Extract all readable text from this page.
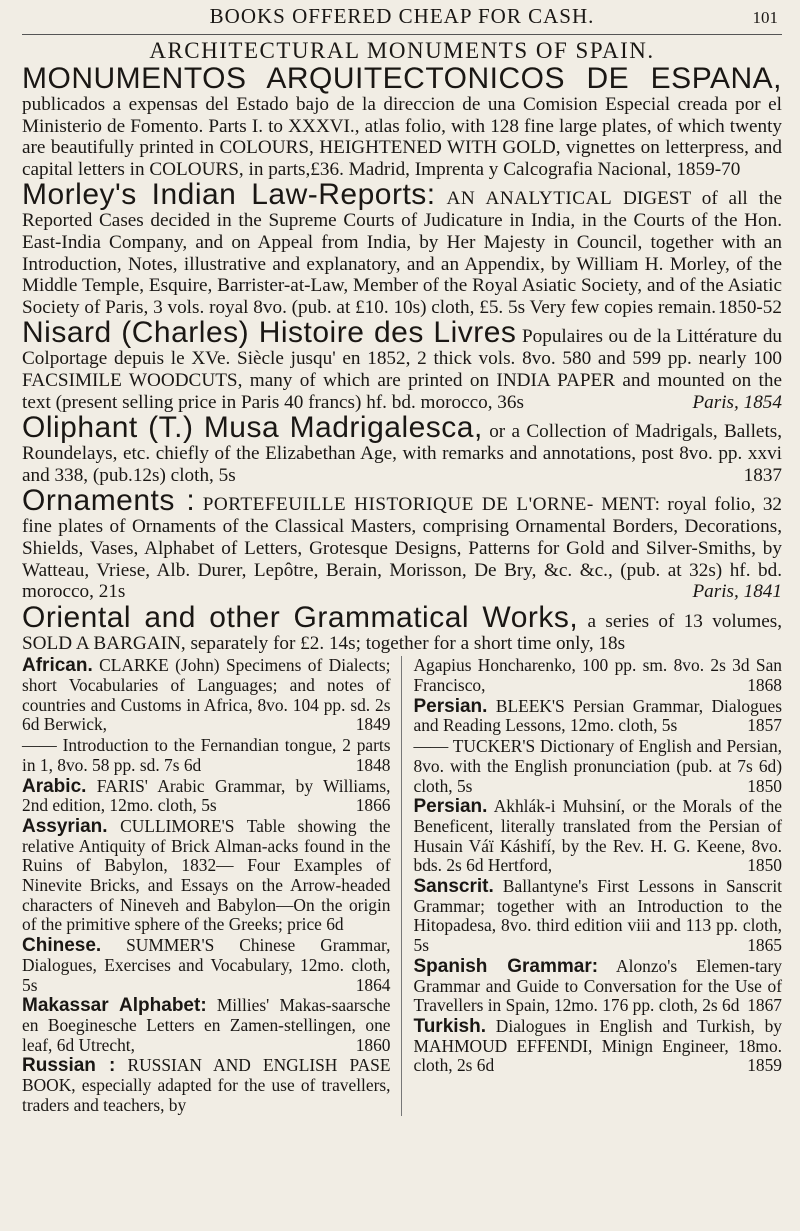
BOOKS OFFERED CHEAP FOR CASH.	101
ARCHITECTURAL MONUMENTS OF SPAIN.

MONUMENTOS ARQUITECTONICOS DE ESPANA, publicados a expensas del Estado bajo de la direccion de una Comision Especial creada por el Ministerio de Fomento. Parts I. to XXXVI., atlas folio, with 128 fine large plates, of which twenty are beautifully printed in COLOURS, HEIGHTENED WITH GOLD, vignettes on letterpress, and capital letters in COLOURS, in parts,£36. Madrid, Imprenta y Calcografia Nacional, 1859-70

Morley's Indian Law-Reports: AN ANALYTICAL DIGEST of all the Reported Cases decided in the Supreme Courts of Judicature in India, in the Courts of the Hon. East-India Company, and on Appeal from India, by Her Majesty in Council, together with an Introduction, Notes, illustrative and explanatory, and an Appendix, by William H. Morley, of the Middle Temple, Esquire, Barrister-at-Law, Member of the Royal Asiatic Society, and of the Asiatic Society of Paris, 3 vols. royal 8vo. (pub. at £10. 10s) cloth, £5. 5s Very few copies remain. 1850-52

Nisard (Charles) Histoire des Livres Populaires ou de la Littérature du Colportage depuis le XVe. Siècle jusqu' en 1852, 2 thick vols. 8vo. 580 and 599 pp. nearly 100 FACSIMILE WOODCUTS, many of which are printed on INDIA PAPER and mounted on the text (present selling price in Paris 40 francs) hf. bd. morocco, 36s	Paris, 1854

Oliphant (T.) Musa Madrigalesca, or a Collection of Madrigals, Ballets, Roundelays, etc. chiefly of the Elizabethan Age, with remarks and annotations, post 8vo. pp. xxvi and 338, (pub.12s) cloth, 5s	1837

Ornaments : PORTEFEUILLE HISTORIQUE DE L'ORNE- MENT: royal folio, 32 fine plates of Ornaments of the Classical Masters, comprising Ornamental Borders, Decorations, Shields, Vases, Alphabet of Letters, Grotesque Designs, Patterns for Gold and Silver-Smiths, by Watteau, Vriese, Alb. Durer, Lepôtre, Berain, Morisson, De Bry, &c. &c., (pub. at 32s) hf. bd. morocco, 21s	Paris, 1841

Oriental and other Grammatical Works, a series of 13 volumes, SOLD A BARGAIN, separately for £2. 14s; together for a short time only, 18s

African. CLARKE (John) Specimens of Dialects; short Vocabularies of Languages; and notes of countries and Customs in Africa, 8vo. 104 pp. sd. 2s 6d Berwick,	1849
—— Introduction to the Fernandian tongue, 2 parts in 1, 8vo. 58 pp. sd. 7s 6d	1848
Arabic. FARIS' Arabic Grammar, by Williams, 2nd edition, 12mo. cloth, 5s	1866
Assyrian. CULLIMORE'S Table showing the relative Antiquity of Brick Alman-acks found in the Ruins of Babylon, 1832— Four Examples of Ninevite Bricks, and Essays on the Arrow-headed characters of Nineveh and Babylon—On the origin of the primitive sphere of the Greeks; price 6d
Chinese. SUMMER'S Chinese Grammar, Dialogues, Exercises and Vocabulary, 12mo. cloth, 5s	1864
Makassar Alphabet: Millies' Makas-saarsche en Boeginesche Letters en Zamen-stellingen, one leaf, 6d Utrecht,	1860
Russian : RUSSIAN AND ENGLISH PASE BOOK, especially adapted for the use of travellers, traders and teachers, by
Agapius Honcharenko, 100 pp. sm. 8vo. 2s 3d San Francisco,	1868
Persian. BLEEK'S Persian Grammar, Dialogues and Reading Lessons, 12mo. cloth, 5s	1857
—— TUCKER'S Dictionary of English and Persian, 8vo. with the English pronunciation (pub. at 7s 6d) cloth, 5s	1850
Persian. Akhlák-i Muhsiní, or the Morals of the Beneficent, literally translated from the Persian of Husain Váï Káshifí, by the Rev. H. G. Keene, 8vo. bds. 2s 6d Hertford,	1850
Sanscrit. Ballantyne's First Lessons in Sanscrit Grammar; together with an Introduction to the Hitopadesa, 8vo. third edition viii and 113 pp. cloth, 5s	1865
Spanish Grammar: Alonzo's Elemen-tary Grammar and Guide to Conversation for the Use of Travellers in Spain, 12mo. 176 pp. cloth, 2s 6d 1867
Turkish. Dialogues in English and Turkish, by MAHMOUD EFFENDI, Minign Engineer, 18mo. cloth, 2s 6d	1859
